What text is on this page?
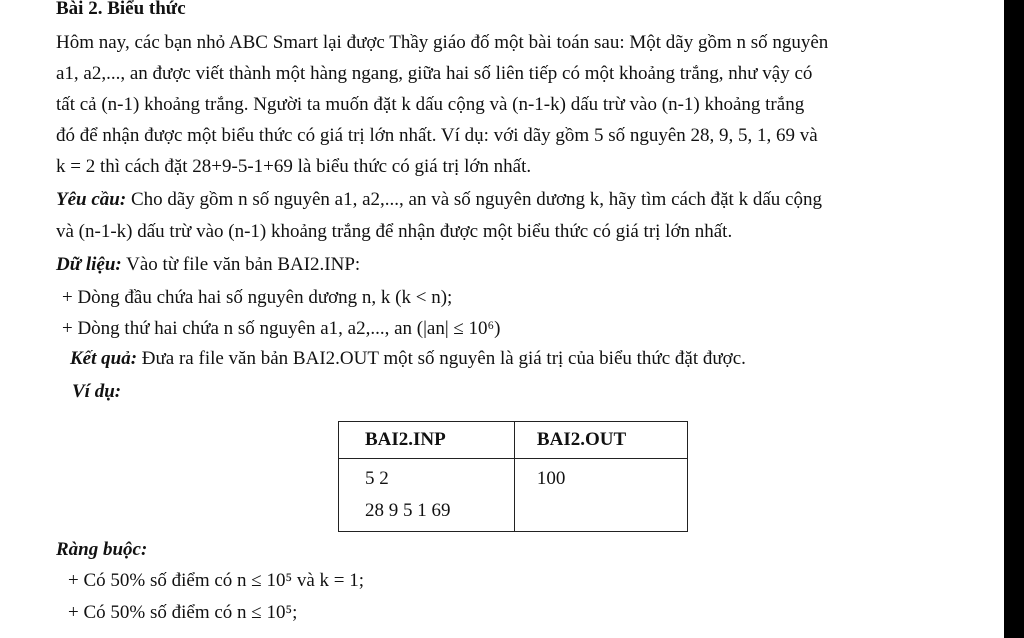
Bài 2. Biểu thức
Hôm nay, các bạn nhỏ ABC Smart lại được Thầy giáo đố một bài toán sau: Một dãy gồm n số nguyên
a1, a2,..., an được viết thành một hàng ngang, giữa hai số liên tiếp có một khoảng trắng, như vậy có
tất cả (n-1) khoảng trắng. Người ta muốn đặt k dấu cộng và (n-1-k) dấu trừ vào (n-1) khoảng trắng
đó để nhận được một biểu thức có giá trị lớn nhất. Ví dụ: với dãy gồm 5 số nguyên 28, 9, 5, 1, 69 và
k = 2 thì cách đặt 28+9-5-1+69 là biểu thức có giá trị lớn nhất.
Yêu cầu: Cho dãy gồm n số nguyên a1, a2,..., an và số nguyên dương k, hãy tìm cách đặt k dấu cộng
và (n-1-k) dấu trừ vào (n-1) khoảng trắng để nhận được một biểu thức có giá trị lớn nhất.
Dữ liệu: Vào từ file văn bản BAI2.INP:
+ Dòng đầu chứa hai số nguyên dương n, k (k < n);
+ Dòng thứ hai chứa n số nguyên a1, a2,..., an (|an| ≤ 10⁶)
Kết quả: Đưa ra file văn bản BAI2.OUT một số nguyên là giá trị của biểu thức đặt được.
Ví dụ:
BAI2.INP	BAI2.OUT

5 2
28 9 5 1 69	100
Ràng buộc:
+ Có 50% số điểm có n ≤ 10⁵ và k = 1;
+ Có 50% số điểm có n ≤ 10⁵;
